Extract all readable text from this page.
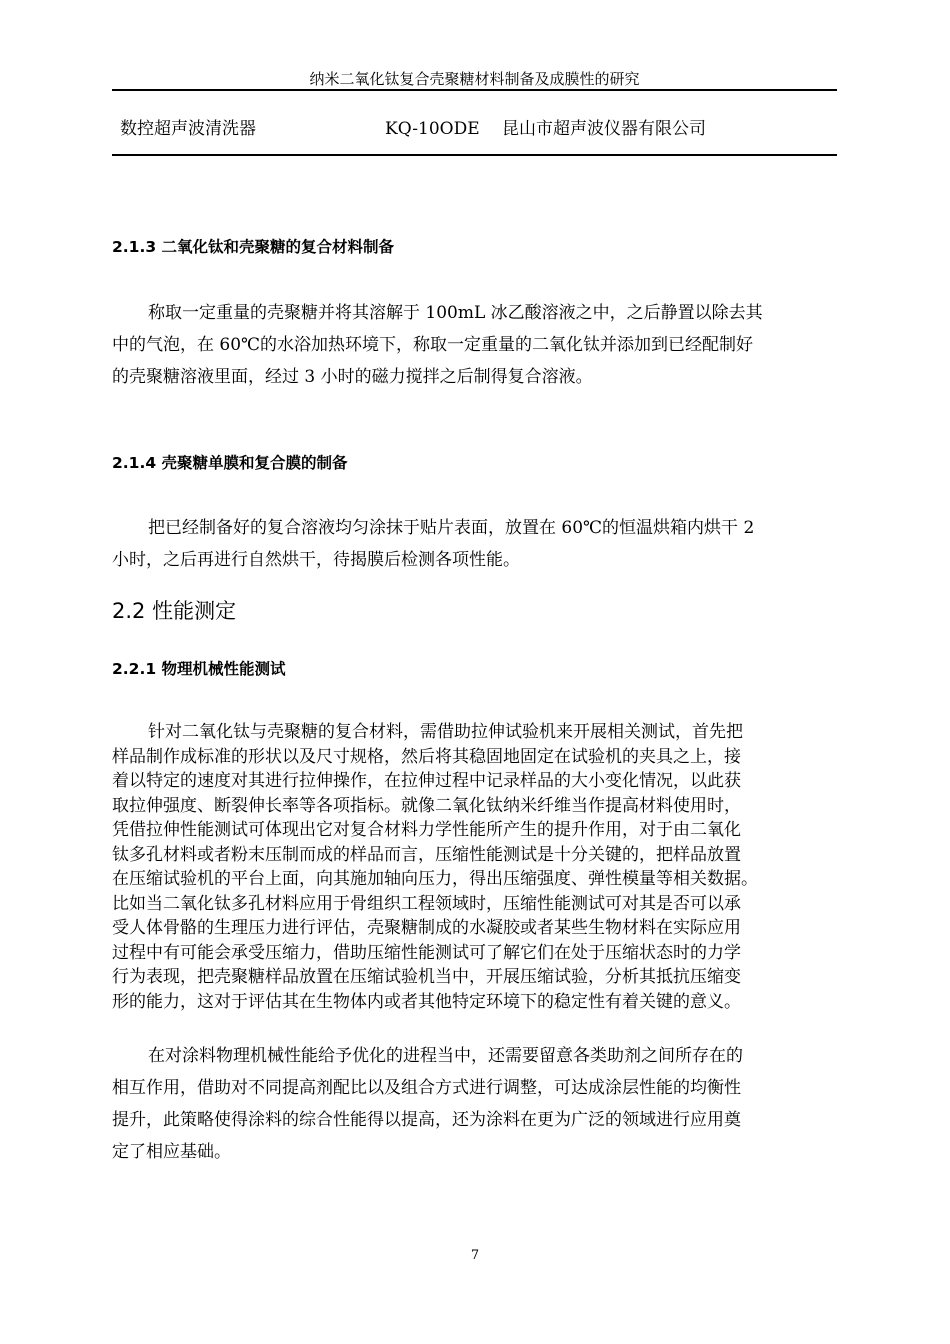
纳米二氧化钛复合壳聚糖材料制备及成膜性的研究
数控超声波清洗器	KQ-10ODE 昆山市超声波仪器有限公司
2.1.3 二氧化钛和壳聚糖的复合材料制备
称取一定重量的壳聚糖并将其溶解于 100mL 冰乙酸溶液之中，之后静置以除去其
中的气泡，在 60℃的水浴加热环境下，称取一定重量的二氧化钛并添加到已经配制好
的壳聚糖溶液里面，经过 3 小时的磁力搅拌之后制得复合溶液。
2.1.4 壳聚糖单膜和复合膜的制备
把已经制备好的复合溶液均匀涂抹于贴片表面，放置在 60℃的恒温烘箱内烘干 2
小时，之后再进行自然烘干，待揭膜后检测各项性能。
2.2 性能测定
2.2.1 物理机械性能测试
针对二氧化钛与壳聚糖的复合材料，需借助拉伸试验机来开展相关测试，首先把
样品制作成标准的形状以及尺寸规格，然后将其稳固地固定在试验机的夹具之上，接
着以特定的速度对其进行拉伸操作，在拉伸过程中记录样品的大小变化情况，以此获
取拉伸强度、断裂伸长率等各项指标。就像二氧化钛纳米纤维当作提高材料使用时，
凭借拉伸性能测试可体现出它对复合材料力学性能所产生的提升作用，对于由二氧化
钛多孔材料或者粉末压制而成的样品而言，压缩性能测试是十分关键的，把样品放置
在压缩试验机的平台上面，向其施加轴向压力，得出压缩强度、弹性模量等相关数据。
比如当二氧化钛多孔材料应用于骨组织工程领域时，压缩性能测试可对其是否可以承
受人体骨骼的生理压力进行评估，壳聚糖制成的水凝胶或者某些生物材料在实际应用
过程中有可能会承受压缩力，借助压缩性能测试可了解它们在处于压缩状态时的力学
行为表现，把壳聚糖样品放置在压缩试验机当中，开展压缩试验，分析其抵抗压缩变
形的能力，这对于评估其在生物体内或者其他特定环境下的稳定性有着关键的意义。
在对涂料物理机械性能给予优化的进程当中，还需要留意各类助剂之间所存在的
相互作用，借助对不同提高剂配比以及组合方式进行调整，可达成涂层性能的均衡性
提升，此策略使得涂料的综合性能得以提高，还为涂料在更为广泛的领域进行应用奠
定了相应基础。
7
